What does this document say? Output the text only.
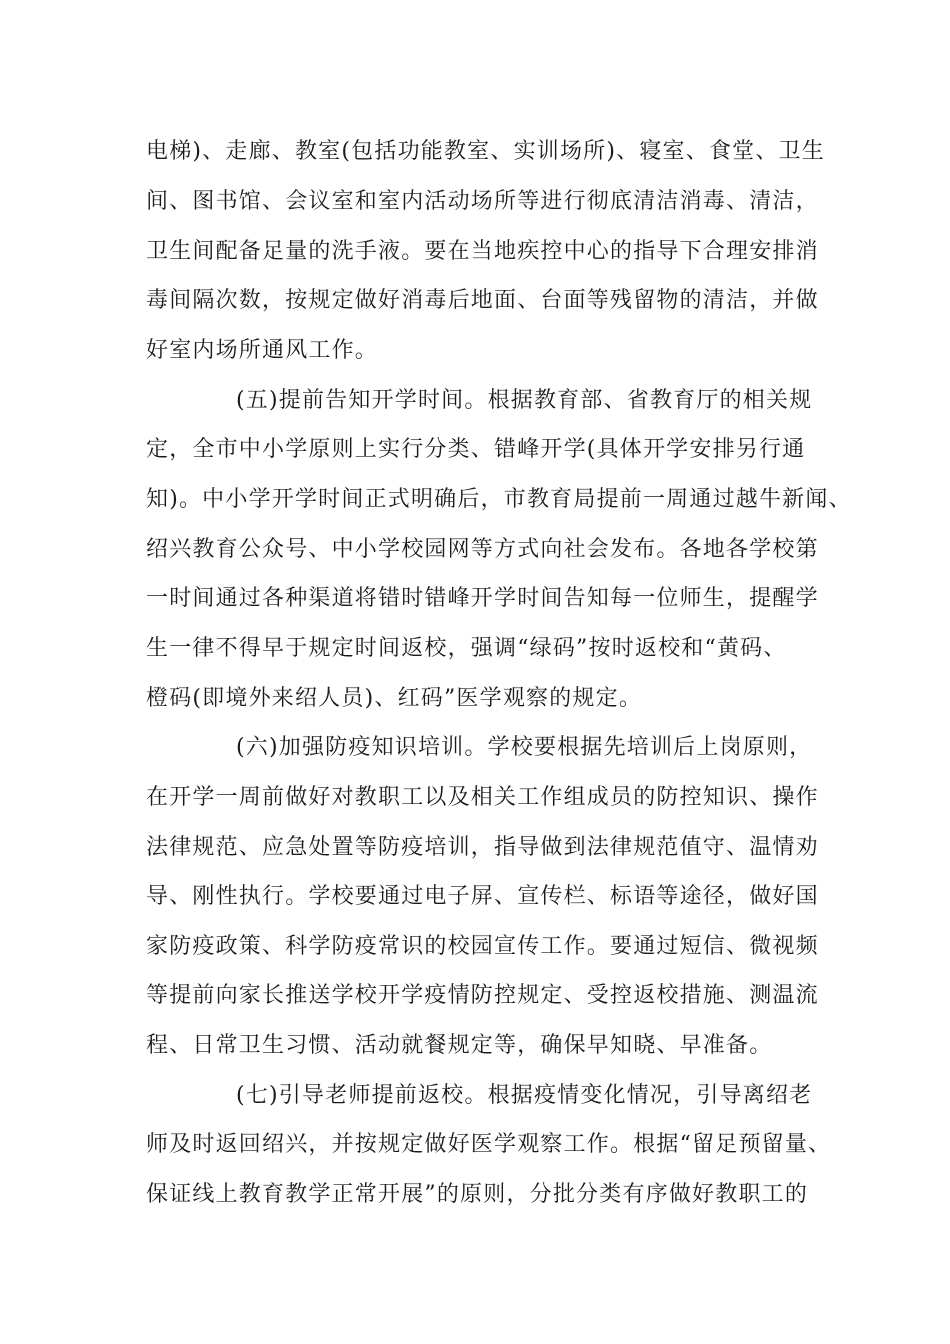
电梯)、走廊、教室(包括功能教室、实训场所)、寝室、食堂、卫生
间、图书馆、会议室和室内活动场所等进行彻底清洁消毒、清洁，
卫生间配备足量的洗手液。要在当地疾控中心的指导下合理安排消
毒间隔次数，按规定做好消毒后地面、台面等残留物的清洁，并做
好室内场所通风工作。
(五)提前告知开学时间。根据教育部、省教育厅的相关规
定，全市中小学原则上实行分类、错峰开学(具体开学安排另行通
知)。中小学开学时间正式明确后，市教育局提前一周通过越牛新闻、
绍兴教育公众号、中小学校园网等方式向社会发布。各地各学校第
一时间通过各种渠道将错时错峰开学时间告知每一位师生，提醒学
生一律不得早于规定时间返校，强调“绿码”按时返校和“黄码、
橙码(即境外来绍人员)、红码”医学观察的规定。
(六)加强防疫知识培训。学校要根据先培训后上岗原则，
在开学一周前做好对教职工以及相关工作组成员的防控知识、操作
法律规范、应急处置等防疫培训，指导做到法律规范值守、温情劝
导、刚性执行。学校要通过电子屏、宣传栏、标语等途径，做好国
家防疫政策、科学防疫常识的校园宣传工作。要通过短信、微视频
等提前向家长推送学校开学疫情防控规定、受控返校措施、测温流
程、日常卫生习惯、活动就餐规定等，确保早知晓、早准备。
(七)引导老师提前返校。根据疫情变化情况，引导离绍老
师及时返回绍兴，并按规定做好医学观察工作。根据“留足预留量、
保证线上教育教学正常开展”的原则，分批分类有序做好教职工的
